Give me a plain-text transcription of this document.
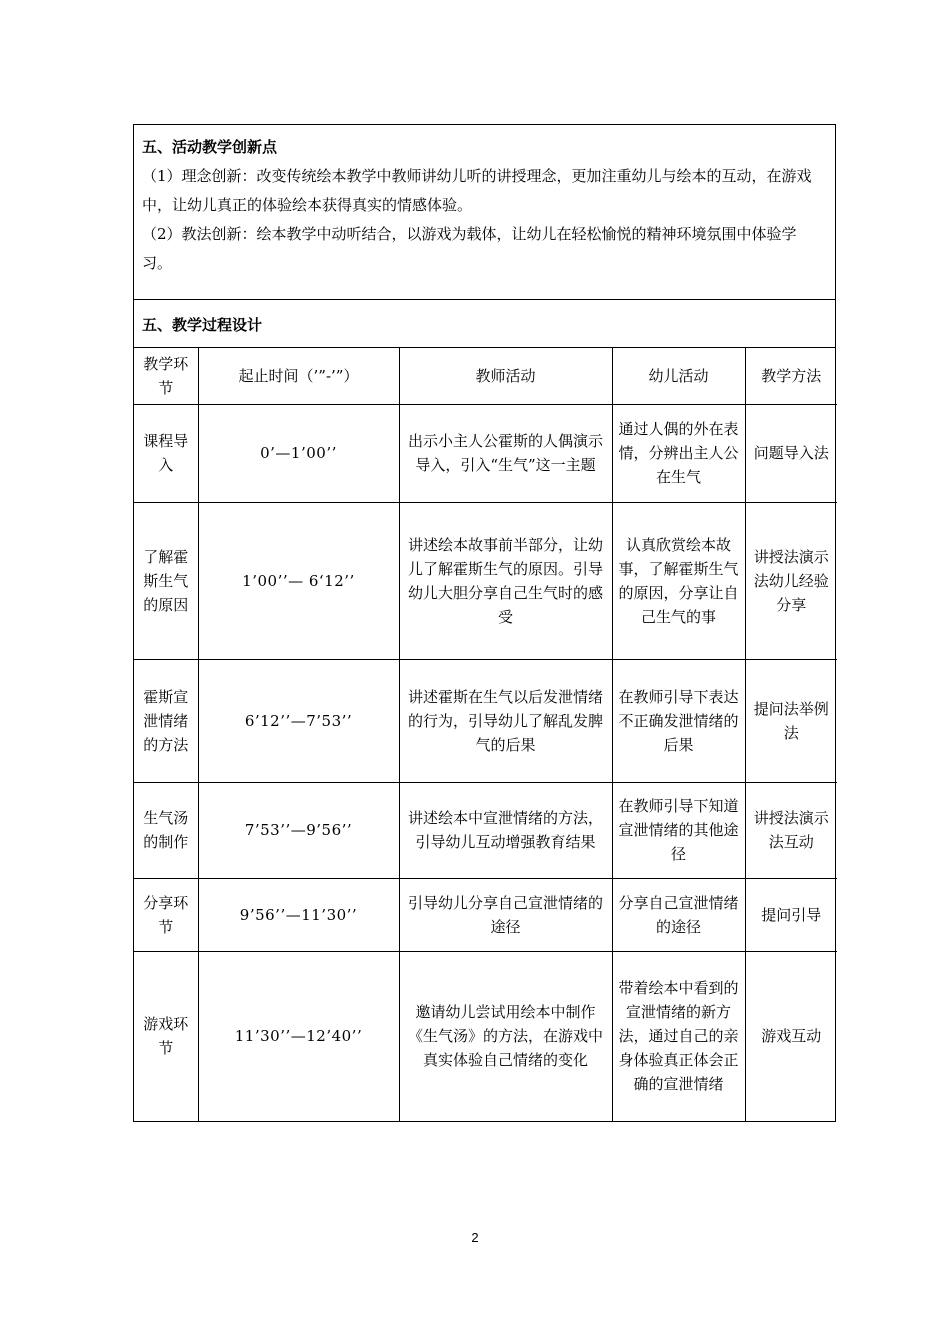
五、活动教学创新点
（1）理念创新：改变传统绘本教学中教师讲幼儿听的讲授理念，更加注重幼儿与绘本的互动，在游戏中，让幼儿真正的体验绘本获得真实的情感体验。
（2）教法创新：绘本教学中动听结合，以游戏为载体，让幼儿在轻松愉悦的精神环境氛围中体验学习。
五、教学过程设计
教学环节	起止时间（’”-’”）	教师活动	幼儿活动	教学方法
课程导入	0’—1’00’’	出示小主人公霍斯的人偶演示导入，引入“生气”这一主题	通过人偶的外在表情，分辨出主人公在生气	问题导入法
了解霍斯生气的原因	1’00’’— 6‘12’’	讲述绘本故事前半部分，让幼儿了解霍斯生气的原因。引导幼儿大胆分享自己生气时的感受	认真欣赏绘本故事，了解霍斯生气的原因，分享让自己生气的事	讲授法演示法幼儿经验分享
霍斯宣泄情绪的方法	6’12’’—7’53’’	讲述霍斯在生气以后发泄情绪的行为，引导幼儿了解乱发脾气的后果	在教师引导下表达不正确发泄情绪的后果	提问法举例法
生气汤的制作	7’53’’—9’56’’	讲述绘本中宣泄情绪的方法，引导幼儿互动增强教育结果	在教师引导下知道宣泄情绪的其他途径	讲授法演示法互动
分享环节	9’56’’—11’30’’	引导幼儿分享自己宣泄情绪的途径	分享自己宣泄情绪的途径	提问引导
游戏环节	11’30’’—12’40’’	邀请幼儿尝试用绘本中制作《生气汤》的方法，在游戏中真实体验自己情绪的变化	带着绘本中看到的宣泄情绪的新方法，通过自己的亲身体验真正体会正确的宣泄情绪	游戏互动
2
